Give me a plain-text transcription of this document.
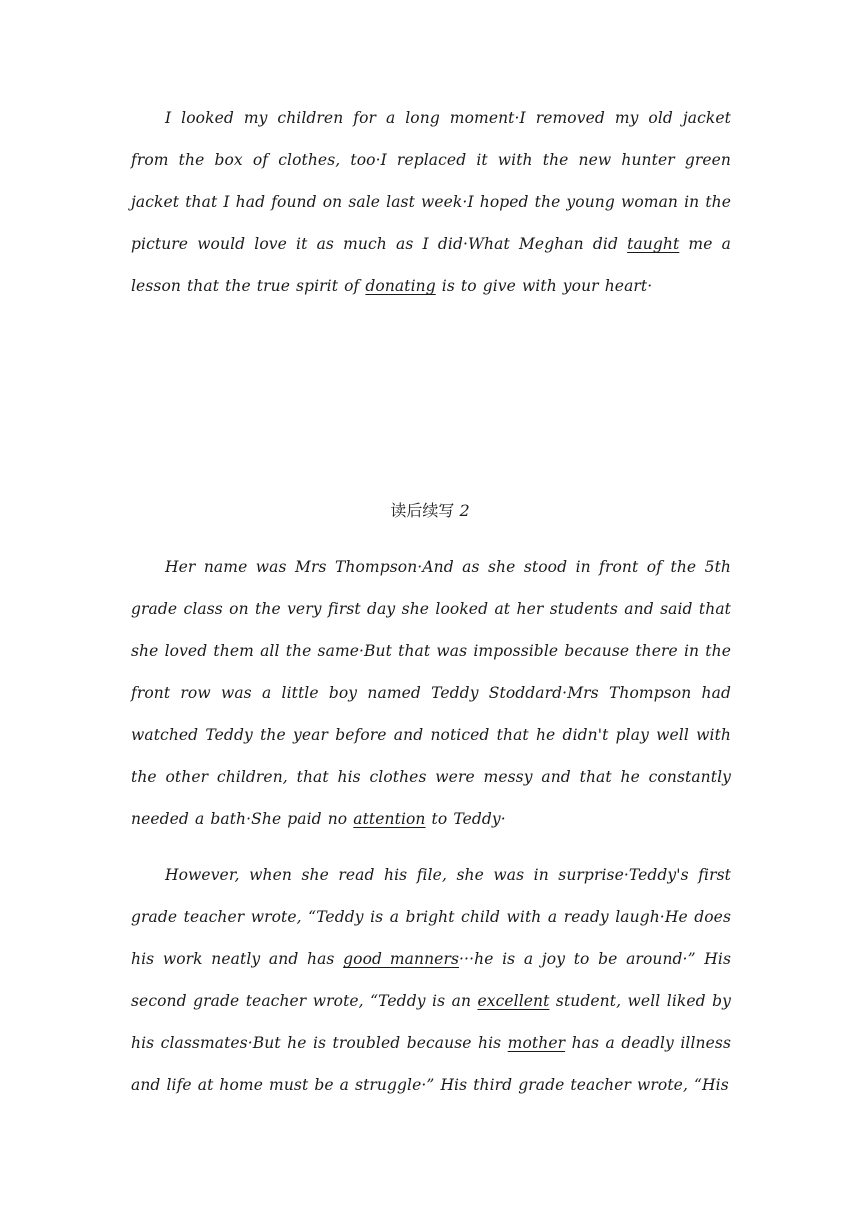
I looked my children for a long moment·I removed my old jacket from the box of clothes, too·I replaced it with the new hunter green jacket that I had found on sale last week·I hoped the young woman in the picture would love it as much as I did·What Meghan did taught me a lesson that the true spirit of donating is to give with your heart·

读后续写 2

Her name was Mrs Thompson·And as she stood in front of the 5th grade class on the very first day she looked at her students and said that she loved them all the same·But that was impossible because there in the front row was a little boy named Teddy Stoddard·Mrs Thompson had watched Teddy the year before and noticed that he didn't play well with the other children, that his clothes were messy and that he constantly needed a bath·She paid no attention to Teddy·

However, when she read his file, she was in surprise·Teddy's first grade teacher wrote, “Teddy is a bright child with a ready laugh·He does his work neatly and has good_manners···he is a joy to be around·” His second grade teacher wrote, “Teddy is an excellent student, well liked by his classmates·But he is troubled because his mother has a deadly illness and life at home must be a struggle·” His third grade teacher wrote, “His
